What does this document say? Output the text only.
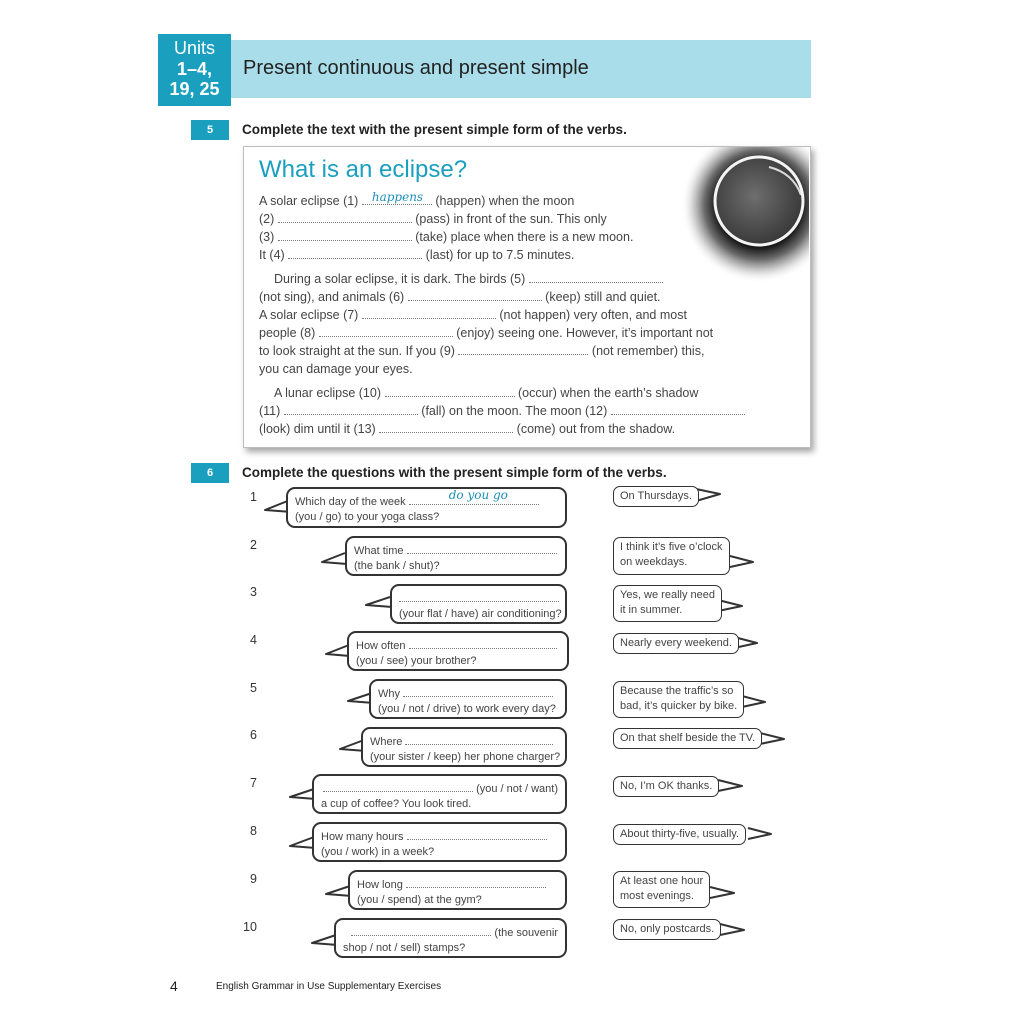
Units
1–4,
19, 25
Present continuous and present simple
5	Complete the text with the present simple form of the verbs.
What is an eclipse?
A solar eclipse (1) happens (happen) when the moon
(2)	(pass) in front of the sun. This only
(3)	(take) place when there is a new moon.
It (4)	(last) for up to 7.5 minutes.
During a solar eclipse, it is dark. The birds (5)
(not sing), and animals (6)	(keep) still and quiet.
A solar eclipse (7)	(not happen) very often, and most
people (8)	(enjoy) seeing one. However, it’s important not
to look straight at the sun. If you (9)	(not remember) this,
you can damage your eyes.
A lunar eclipse (10)	(occur) when the earth’s shadow
(11)	(fall) on the moon. The moon (12)
(look) dim until it (13)	(come) out from the shadow.
6	Complete the questions with the present simple form of the verbs.
1	Which day of the week	do you go
(you / go) to your yoga class?
On Thursdays.
2	What time
(the bank / shut)?
I think it’s five o’clock
on weekdays.
3
(your flat / have) air conditioning?
Yes, we really need
it in summer.
4	How often
(you / see) your brother?
Nearly every weekend.
5	Why
(you / not / drive) to work every day?
Because the traffic’s so
bad, it’s quicker by bike.
6	Where
(your sister / keep) her phone charger?
On that shelf beside the TV.
7	(you / not / want)
a cup of coffee? You look tired.
No, I’m OK thanks.
8	How many hours
(you / work) in a week?
About thirty-five, usually.
9	How long
(you / spend) at the gym?
At least one hour
most evenings.
10	(the souvenir
shop / not / sell) stamps?
No, only postcards.
4	English Grammar in Use Supplementary Exercises
